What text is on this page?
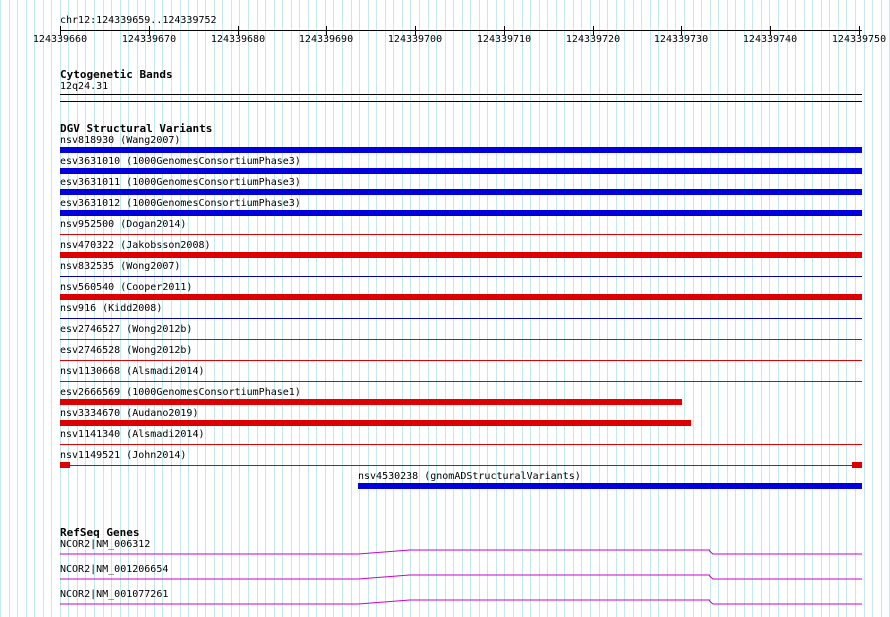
chr12:124339659..124339752
124339660	124339670	124339680	124339690	124339700	124339710	124339720	124339730	124339740	124339750
Cytogenetic Bands
12q24.31
DGV Structural Variants
nsv818930 (Wang2007)
esv3631010 (1000GenomesConsortiumPhase3)
esv3631011 (1000GenomesConsortiumPhase3)
esv3631012 (1000GenomesConsortiumPhase3)
nsv952500 (Dogan2014)
nsv470322 (Jakobsson2008)
nsv832535 (Wong2007)
nsv560540 (Cooper2011)
nsv916 (Kidd2008)
esv2746527 (Wong2012b)
esv2746528 (Wong2012b)
nsv1130668 (Alsmadi2014)
esv2666569 (1000GenomesConsortiumPhase1)
nsv3334670 (Audano2019)
nsv1141340 (Alsmadi2014)
nsv1149521 (John2014)
nsv4530238 (gnomADStructuralVariants)
RefSeq Genes
NCOR2|NM_006312
NCOR2|NM_001206654
NCOR2|NM_001077261
